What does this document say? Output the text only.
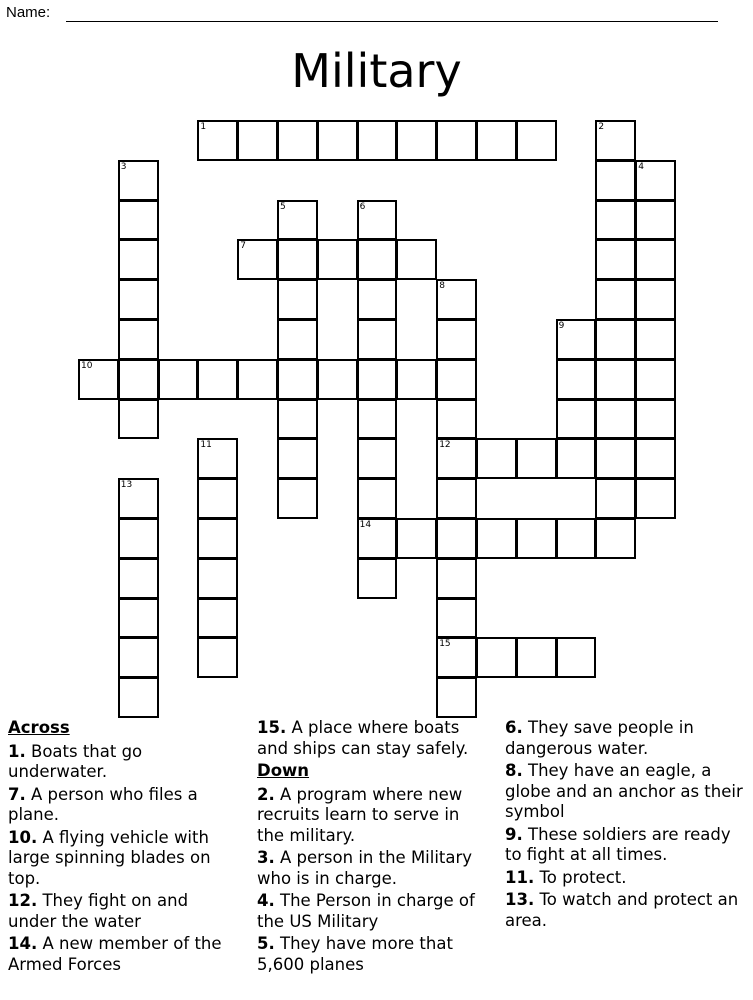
Name:
Military
1	2
3	4
5	6
14
7
8
12
15
9
10
11
13

Across

1. Boats that go underwater.

7. A person who files a plane.

10. A flying vehicle with large spinning blades on top.

12. They fight on and under the water

14. A new member of the Armed Forces

15. A place where boats and ships can stay safely.

Down

2. A program where new recruits learn to serve in the military.

3. A person in the Military who is in charge.

4. The Person in charge of the US Military

5. They have more that 5,600 planes

6. They save people in dangerous water.

8. They have an eagle, a globe and an anchor as their symbol

9. These soldiers are ready to fight at all times.

11. To protect.

13. To watch and protect an area.
